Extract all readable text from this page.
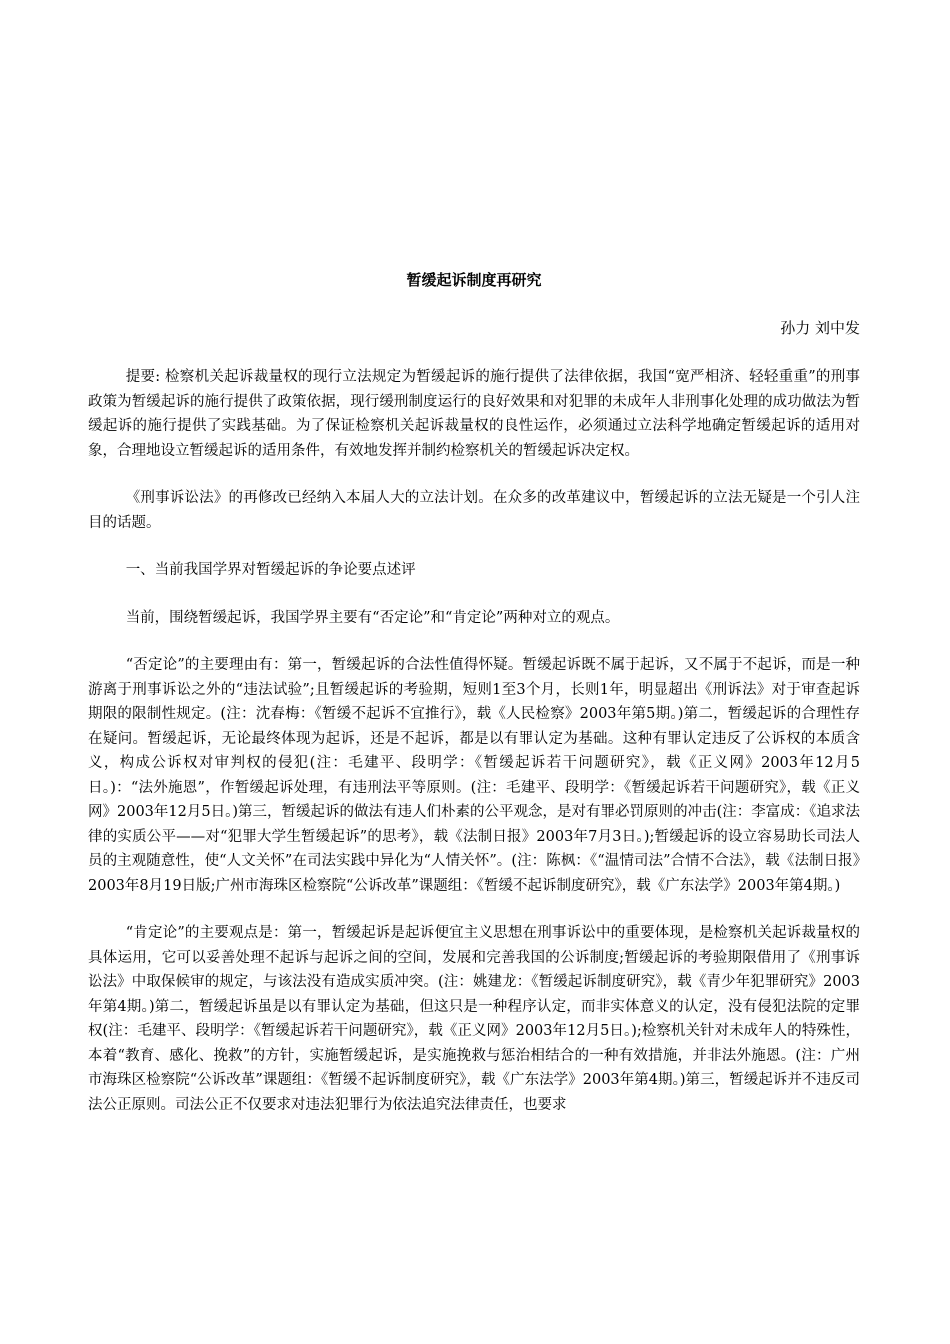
暂缓起诉制度再研究
孙力 刘中发

提要: 检察机关起诉裁量权的现行立法规定为暂缓起诉的施行提供了法律依据，我国“宽严相济、轻轻重重”的刑事政策为暂缓起诉的施行提供了政策依据，现行缓刑制度运行的良好效果和对犯罪的未成年人非刑事化处理的成功做法为暂缓起诉的施行提供了实践基础。为了保证检察机关起诉裁量权的良性运作，必须通过立法科学地确定暂缓起诉的适用对象，合理地设立暂缓起诉的适用条件，有效地发挥并制约检察机关的暂缓起诉决定权。

《刑事诉讼法》的再修改已经纳入本届人大的立法计划。在众多的改革建议中，暂缓起诉的立法无疑是一个引人注目的话题。

一、当前我国学界对暂缓起诉的争论要点述评

当前，围绕暂缓起诉，我国学界主要有“否定论”和“肯定论”两种对立的观点。

“否定论”的主要理由有：第一，暂缓起诉的合法性值得怀疑。暂缓起诉既不属于起诉，又不属于不起诉，而是一种游离于刑事诉讼之外的“违法试验”;且暂缓起诉的考验期，短则1至3个月，长则1年，明显超出《刑诉法》对于审查起诉期限的限制性规定。(注：沈春梅：《暂缓不起诉不宜推行》，载《人民检察》2003年第5期。)第二，暂缓起诉的合理性存在疑问。暂缓起诉，无论最终体现为起诉，还是不起诉，都是以有罪认定为基础。这种有罪认定违反了公诉权的本质含义，构成公诉权对审判权的侵犯(注：毛建平、段明学：《暂缓起诉若干问题研究》，载《正义网》2003年12月5日。)：“法外施恩”，作暂缓起诉处理，有违刑法平等原则。(注：毛建平、段明学：《暂缓起诉若干问题研究》，载《正义网》2003年12月5日。)第三，暂缓起诉的做法有违人们朴素的公平观念，是对有罪必罚原则的冲击(注：李富成：《追求法律的实质公平——对“犯罪大学生暂缓起诉”的思考》，载《法制日报》2003年7月3日。);暂缓起诉的设立容易助长司法人员的主观随意性，使“人文关怀”在司法实践中异化为“人情关怀”。(注：陈枫：《“温情司法”合情不合法》，载《法制日报》2003年8月19日版;广州市海珠区检察院“公诉改革”课题组：《暂缓不起诉制度研究》，载《广东法学》2003年第4期。)

“肯定论”的主要观点是：第一，暂缓起诉是起诉便宜主义思想在刑事诉讼中的重要体现，是检察机关起诉裁量权的具体运用，它可以妥善处理不起诉与起诉之间的空间，发展和完善我国的公诉制度;暂缓起诉的考验期限借用了《刑事诉讼法》中取保候审的规定，与该法没有造成实质冲突。(注：姚建龙：《暂缓起诉制度研究》，载《青少年犯罪研究》2003年第4期。)第二，暂缓起诉虽是以有罪认定为基础，但这只是一种程序认定，而非实体意义的认定，没有侵犯法院的定罪权(注：毛建平、段明学：《暂缓起诉若干问题研究》，载《正义网》2003年12月5日。);检察机关针对未成年人的特殊性，本着“教育、感化、挽救”的方针，实施暂缓起诉，是实施挽救与惩治相结合的一种有效措施，并非法外施恩。(注：广州市海珠区检察院“公诉改革”课题组：《暂缓不起诉制度研究》，载《广东法学》2003年第4期。)第三，暂缓起诉并不违反司法公正原则。司法公正不仅要求对违法犯罪行为依法追究法律责任，也要求
